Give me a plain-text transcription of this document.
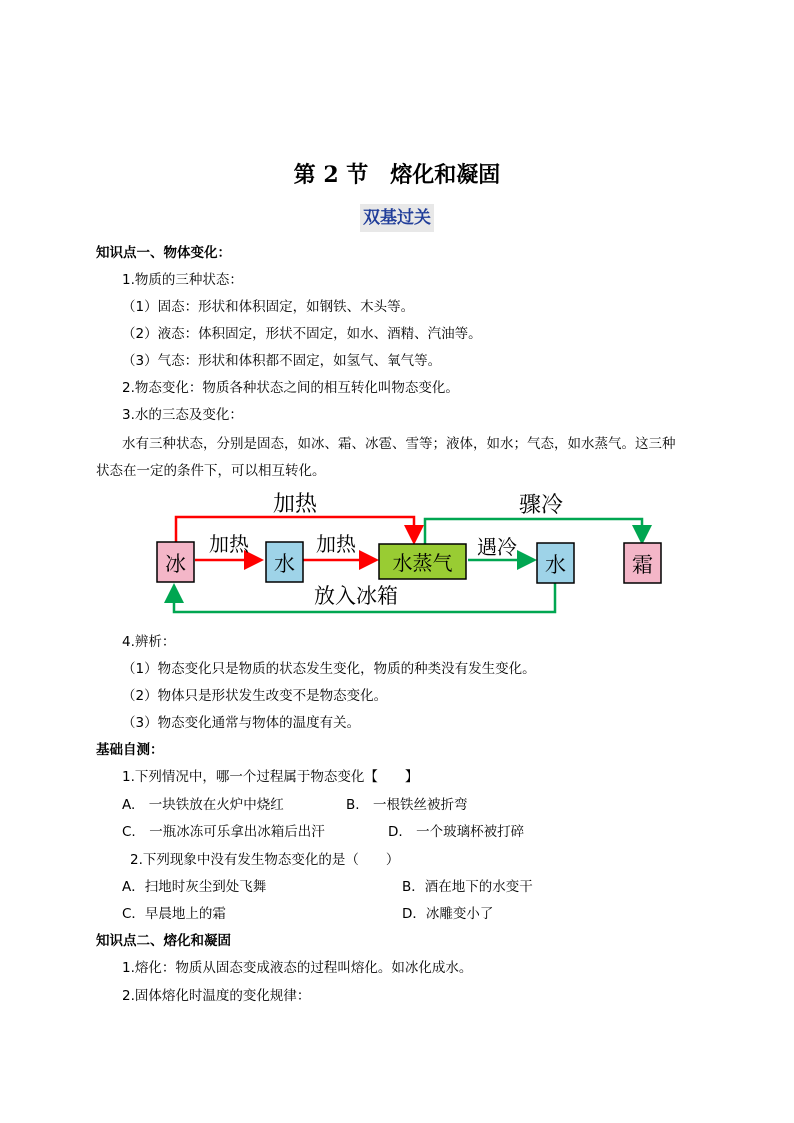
第 2 节　熔化和凝固
双基过关
知识点一、物体变化：
1.物质的三种状态：
（1）固态：形状和体积固定，如钢铁、木头等。
（2）液态：体积固定，形状不固定，如水、酒精、汽油等。
（3）气态：形状和体积都不固定，如氢气、氧气等。
2.物态变化：物质各种状态之间的相互转化叫物态变化。
3.水的三态及变化：
水有三种状态，分别是固态，如冰、霜、冰雹、雪等；液体，如水；气态，如水蒸气。这三种
状态在一定的条件下，可以相互转化。
冰	水	水蒸气	水	霜
加热
加热	加热	遇冷
骤冷
放入冰箱
4.辨析：
（1）物态变化只是物质的状态发生变化，物质的种类没有发生变化。
（2）物体只是形状发生改变不是物态变化。
（3）物态变化通常与物体的温度有关。
基础自测：
1.下列情况中，哪一个过程属于物态变化【　　】
A.　一块铁放在火炉中烧红	B.　一根铁丝被折弯
C.　一瓶冰冻可乐拿出冰箱后出汗	D.　一个玻璃杯被打碎
2.下列现象中没有发生物态变化的是（　　）
A．扫地时灰尘到处飞舞	B．酒在地下的水变干
C．早晨地上的霜	D．冰雕变小了
知识点二、熔化和凝固
1.熔化：物质从固态变成液态的过程叫熔化。如冰化成水。
2.固体熔化时温度的变化规律：
